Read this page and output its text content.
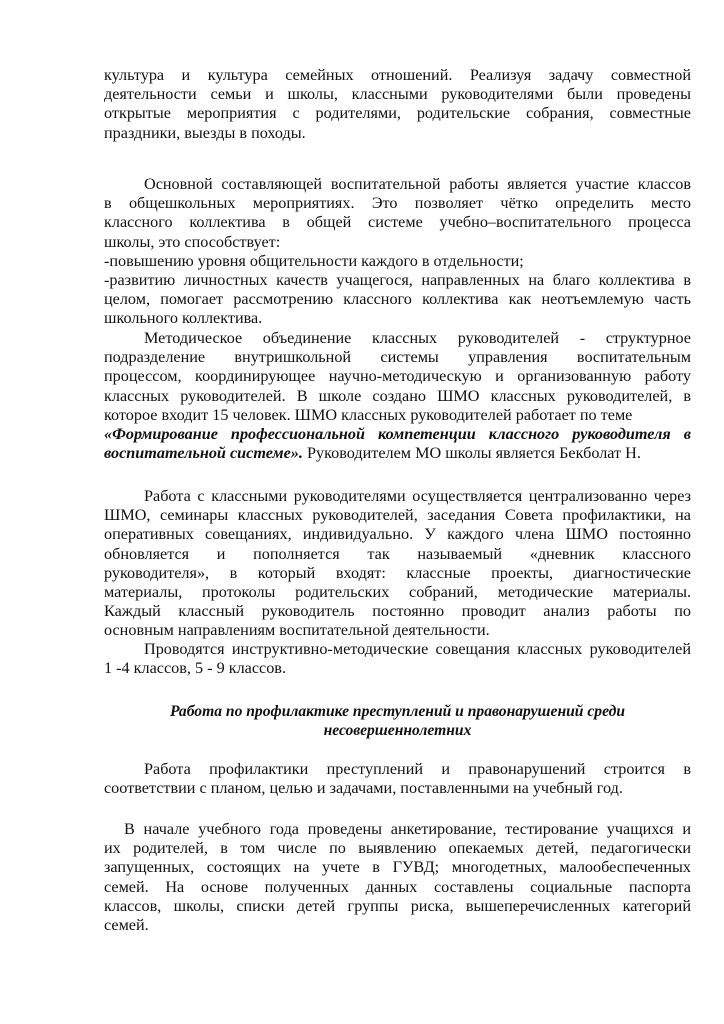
культура и культура семейных отношений. Реализуя задачу совместной
деятельности семьи и школы, классными руководителями были проведены
открытые мероприятия с родителями, родительские собрания, совместные
праздники, выезды в походы.
Основной составляющей воспитательной работы является участие классов
в общешкольных мероприятиях. Это позволяет чётко определить место
классного коллектива в общей системе учебно–воспитательного процесса
школы, это способствует:
-повышению уровня общительности каждого в отдельности;
-развитию личностных качеств учащегося, направленных на благо коллектива в
целом, помогает рассмотрению классного коллектива как неотъемлемую часть
школьного коллектива.
Методическое объединение классных руководителей - структурное
подразделение внутришкольной системы управления воспитательным
процессом, координирующее научно-методическую и организованную работу
классных руководителей. В школе создано ШМО классных руководителей, в
которое входит 15 человек. ШМО классных руководителей работает по теме
«Формирование профессиональной компетенции классного руководителя в
воспитательной системе». Руководителем МО школы является Бекболат Н.
Работа с классными руководителями осуществляется централизованно через
ШМО, семинары классных руководителей, заседания Совета профилактики, на
оперативных совещаниях, индивидуально. У каждого члена ШМО постоянно
обновляется и пополняется так называемый «дневник классного
руководителя», в который входят: классные проекты, диагностические
материалы, протоколы родительских собраний, методические материалы.
Каждый классный руководитель постоянно проводит анализ работы по
основным направлениям воспитательной деятельности.
Проводятся инструктивно-методические совещания классных руководителей
1 -4 классов, 5 - 9 классов.
Работа по профилактике преступлений и правонарушений среди
несовершеннолетних
Работа профилактики преступлений и правонарушений строится в
соответствии с планом, целью и задачами, поставленными на учебный год.
В начале учебного года проведены анкетирование, тестирование учащихся и
их родителей, в том числе по выявлению опекаемых детей, педагогически
запущенных, состоящих на учете в ГУВД; многодетных, малообеспеченных
семей. На основе полученных данных составлены социальные паспорта
классов, школы, списки детей группы риска, вышеперечисленных категорий
семей.
